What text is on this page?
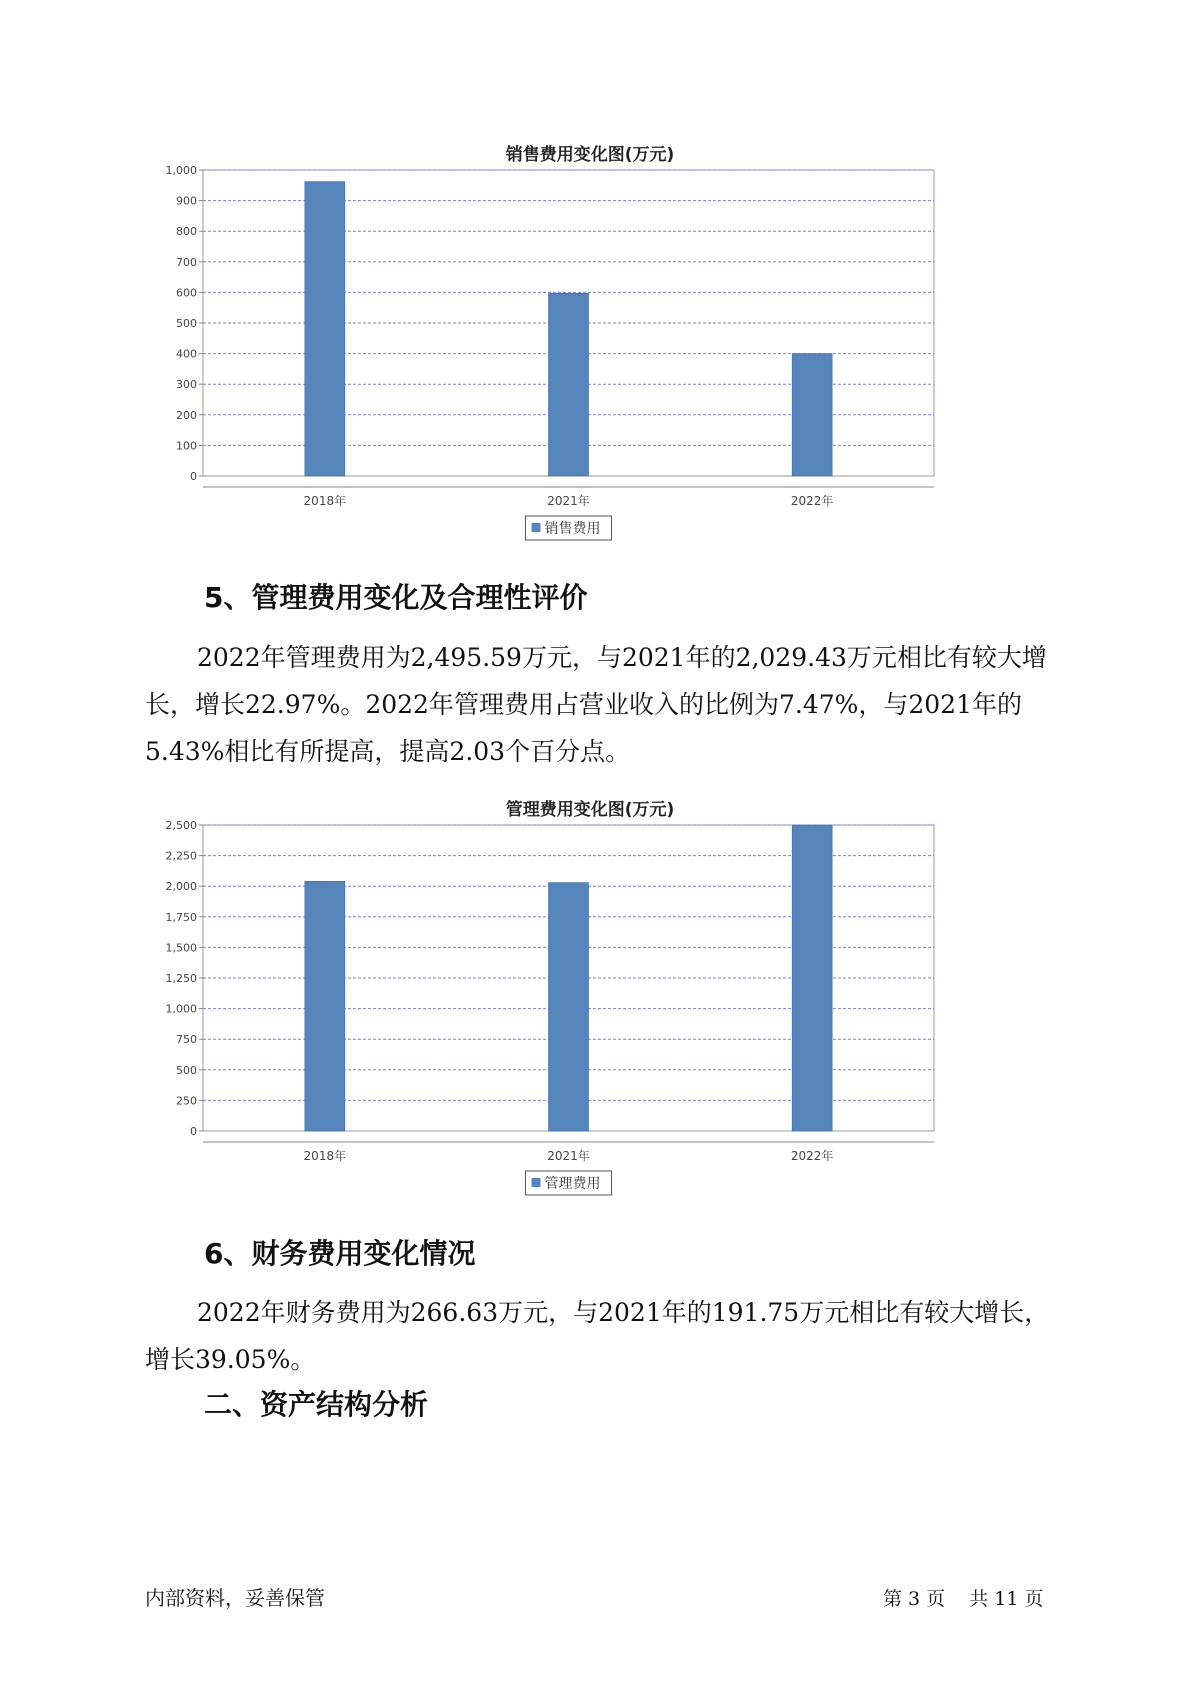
销售费用变化图(万元)
0
100
200
300
400
500
600
700
800
900
1,000
2018年	2021年	2022年
销售费用
5、管理费用变化及合理性评价

2022年管理费用为2,495.59万元，与2021年的2,029.43万元相比有较大增长，增长22.97%。2022年管理费用占营业收入的比例为7.47%，与2021年的5.43%相比有所提高，提高2.03个百分点。

管理费用变化图(万元)
0
250
500
750
1,000
1,250
1,500
1,750
2,000
2,250
2,500
2018年	2021年	2022年
管理费用
6、财务费用变化情况

2022年财务费用为266.63万元，与2021年的191.75万元相比有较大增长，增长39.05%。

二、资产结构分析
内部资料，妥善保管	第 3 页 共 11 页
